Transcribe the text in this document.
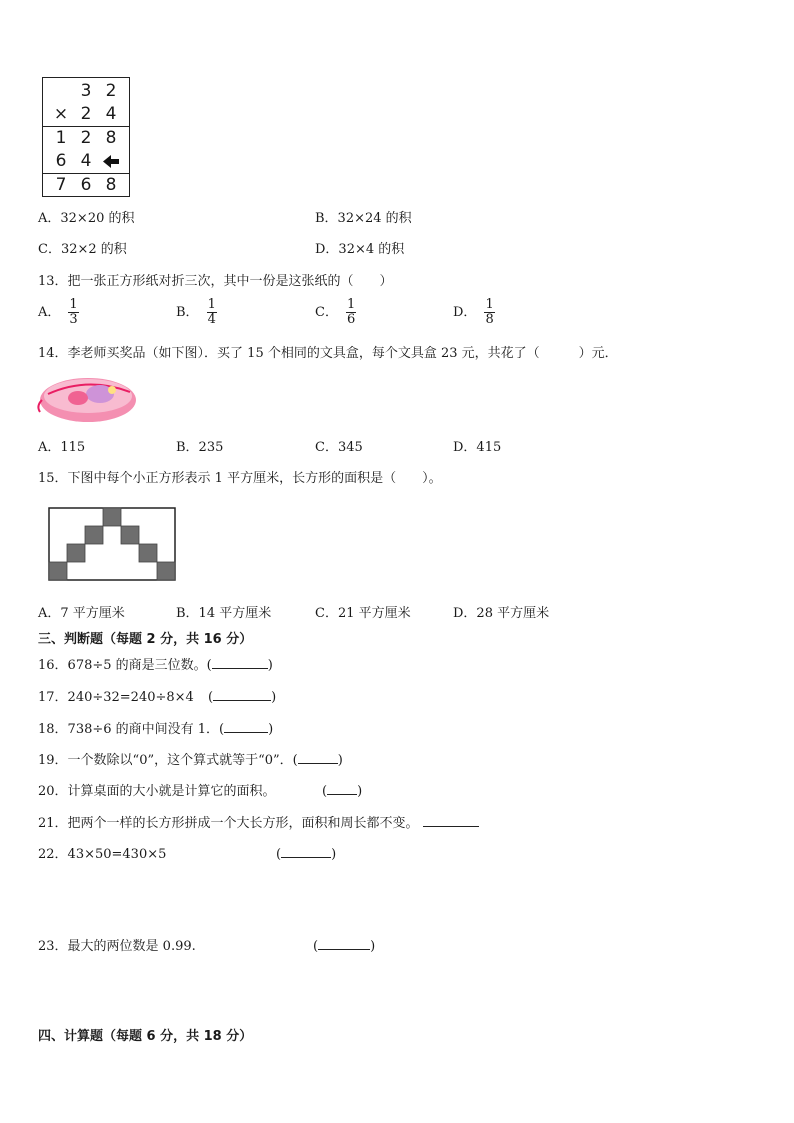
3 2
× 2 4
1 2 8
6 4
7 6 8
A．32×20 的积	B．32×24 的积
C．32×2 的积	D．32×4 的积
13．把一张正方形纸对折三次，其中一份是这张纸的（　　）
A． $\frac{1}{3}$	B． $\frac{1}{4}$	C． $\frac{1}{6}$	D． $\frac{1}{8}$
14．李老师买奖品（如下图）．买了 15 个相同的文具盒，每个文具盒 23 元，共花了（　　　）元．
A．115	B．235	C．345	D．415
15．下图中每个小正方形表示 1 平方厘米，长方形的面积是（　　）。
A．7 平方厘米	B．14 平方厘米	C．21 平方厘米	D．28 平方厘米
三、判断题（每题 2 分，共 16 分）
16．678÷5 的商是三位数。(	)
17．240÷32=240÷8×4 (	)
18．738÷6 的商中间没有 1．(	)
19．一个数除以“0”，这个算式就等于“0”．(	)
20．计算桌面的大小就是计算它的面积。	( )
21．把两个一样的长方形拼成一个大长方形，面积和周长都不变。
22．43×50=430×5	(	)
23．最大的两位数是 0.99.	(	)
四、计算题（每题 6 分，共 18 分）
